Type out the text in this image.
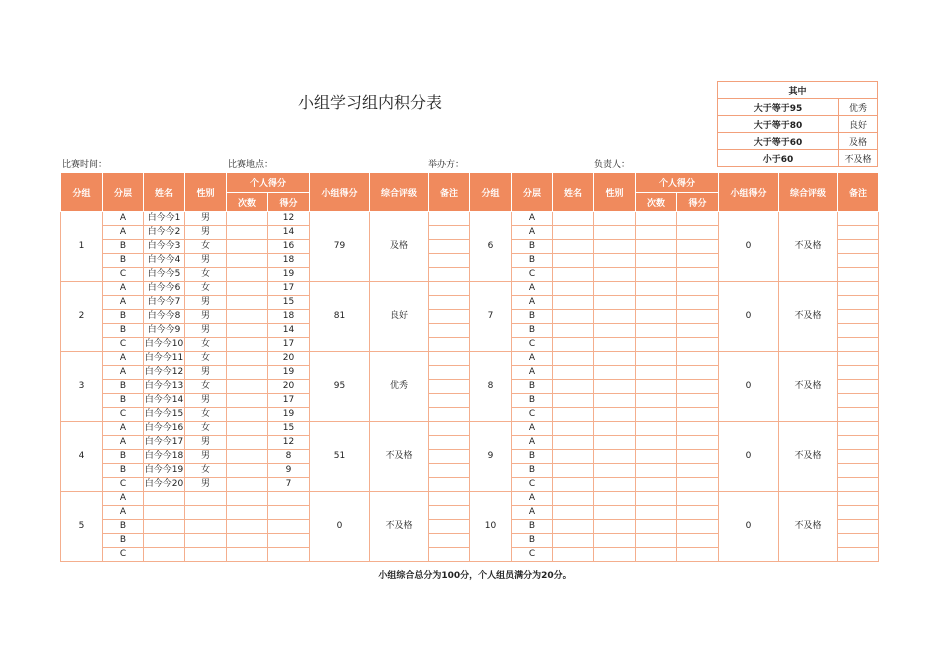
小组学习组内积分表
其中	
大于等于95	优秀
大于等于80	良好
大于等于60	及格
小于60	不及格
比赛时间：	比赛地点：	举办方：	负责人：
分组	分层	姓名	性别	个人得分		小组得分	综合评级	备注	分组	分层	姓名	性别	个人得分		小组得分	综合评级	备注
				次数	得分								次数	得分			
1	A	白今今1	男		12	79	及格		6	A					0	不及格	
	A	白今今2	男		14					A							
	B	白今今3	女		16					B							
	B	白今今4	男		18					B							
	C	白今今5	女		19					C							
2	A	白今今6	女		17	81	良好		7	A					0	不及格	
	A	白今今7	男		15					A							
	B	白今今8	男		18					B							
	B	白今今9	男		14					B							
	C	白今今10	女		17					C							
3	A	白今今11	女		20	95	优秀		8	A					0	不及格	
	A	白今今12	男		19					A							
	B	白今今13	女		20					B							
	B	白今今14	男		17					B							
	C	白今今15	女		19					C							
4	A	白今今16	女		15	51	不及格		9	A					0	不及格	
	A	白今今17	男		12					A							
	B	白今今18	男		8					B							
	B	白今今19	女		9					B							
	C	白今今20	男		7					C							
5	A					0	不及格		10	A					0	不及格	
	A									A							
	B									B							
	B									B							
	C									C							
小组综合总分为100分，个人组员满分为20分。
